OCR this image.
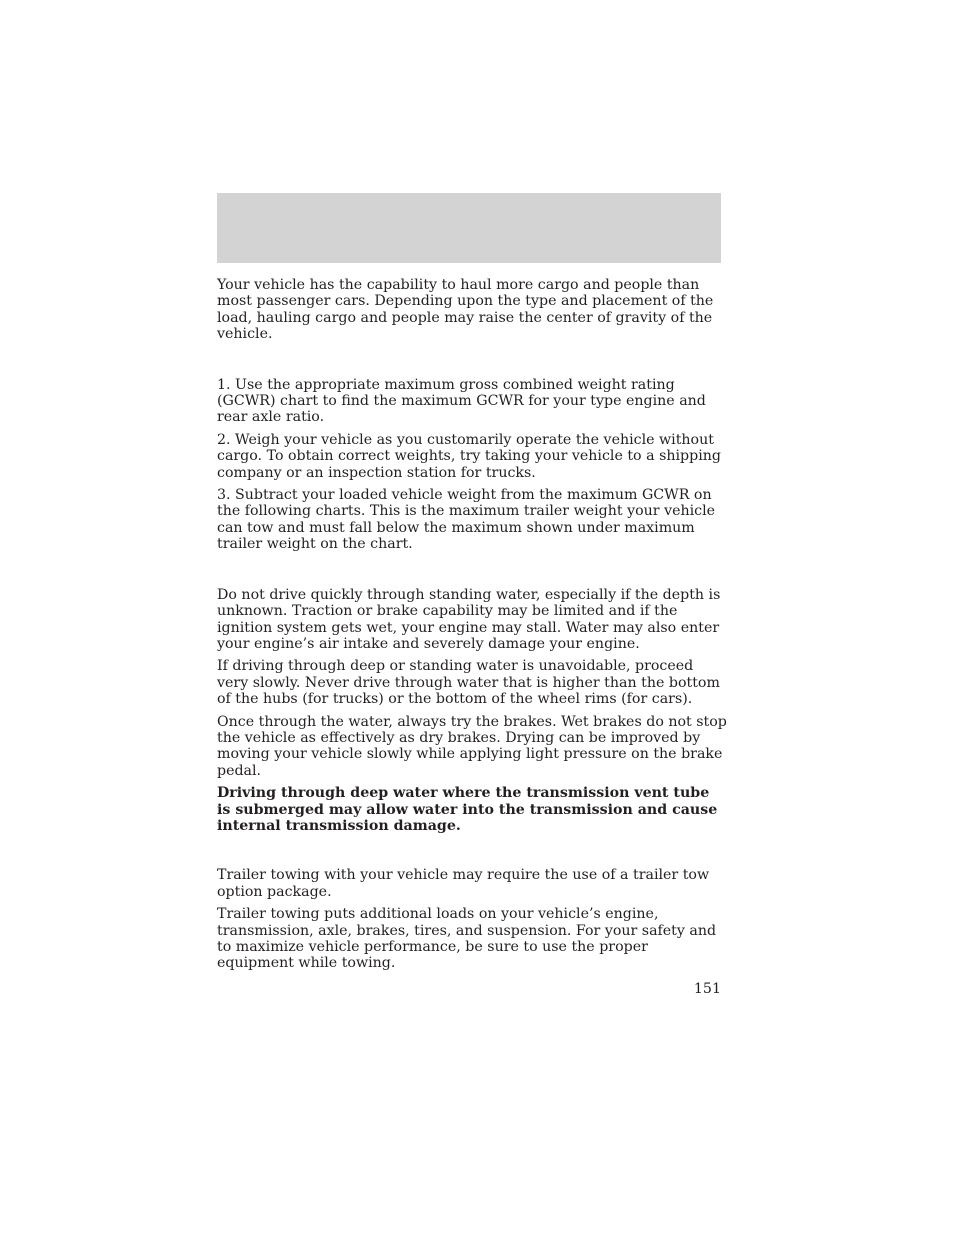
Your vehicle has the capability to haul more cargo and people than most passenger cars. Depending upon the type and placement of the load, hauling cargo and people may raise the center of gravity of the vehicle.

1. Use the appropriate maximum gross combined weight rating (GCWR) chart to find the maximum GCWR for your type engine and rear axle ratio.

2. Weigh your vehicle as you customarily operate the vehicle without cargo. To obtain correct weights, try taking your vehicle to a shipping company or an inspection station for trucks.

3. Subtract your loaded vehicle weight from the maximum GCWR on the following charts. This is the maximum trailer weight your vehicle can tow and must fall below the maximum shown under maximum trailer weight on the chart.

Do not drive quickly through standing water, especially if the depth is unknown. Traction or brake capability may be limited and if the ignition system gets wet, your engine may stall. Water may also enter your engine’s air intake and severely damage your engine.

If driving through deep or standing water is unavoidable, proceed very slowly. Never drive through water that is higher than the bottom of the hubs (for trucks) or the bottom of the wheel rims (for cars).

Once through the water, always try the brakes. Wet brakes do not stop the vehicle as effectively as dry brakes. Drying can be improved by moving your vehicle slowly while applying light pressure on the brake pedal.

Driving through deep water where the transmission vent tube is submerged may allow water into the transmission and cause internal transmission damage.

Trailer towing with your vehicle may require the use of a trailer tow option package.

Trailer towing puts additional loads on your vehicle’s engine, transmission, axle, brakes, tires, and suspension. For your safety and to maximize vehicle performance, be sure to use the proper equipment while towing.

151
